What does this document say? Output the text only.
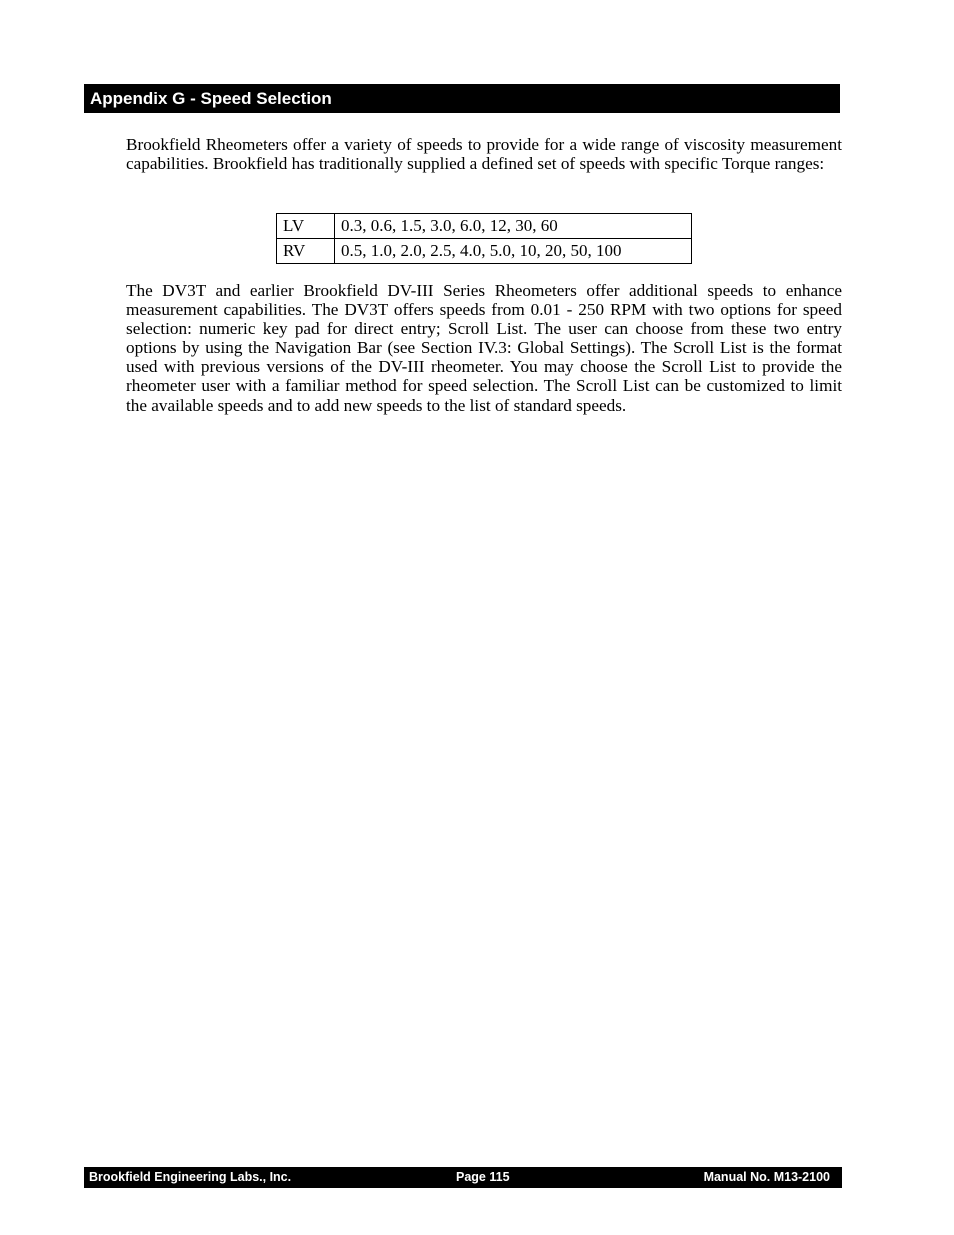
Appendix G - Speed Selection

Brookfield Rheometers offer a variety of speeds to provide for a wide range of viscosity measurement capabilities. Brookfield has traditionally supplied a defined set of speeds with specific Torque ranges:

LV	0.3, 0.6, 1.5, 3.0, 6.0, 12, 30, 60
RV	0.5, 1.0, 2.0, 2.5, 4.0, 5.0, 10, 20, 50, 100

The DV3T and earlier Brookfield DV-III Series Rheometers offer additional speeds to enhance measurement capabilities. The DV3T offers speeds from 0.01 - 250 RPM with two options for speed selection: numeric key pad for direct entry; Scroll List. The user can choose from these two entry options by using the Navigation Bar (see Section IV.3: Global Settings). The Scroll List is the format used with previous versions of the DV-III rheometer. You may choose the Scroll List to provide the rheometer user with a familiar method for speed selection. The Scroll List can be customized to limit the available speeds and to add new speeds to the list of standard speeds.

Brookfield Engineering Labs., Inc.	Page 115	Manual No. M13-2100
